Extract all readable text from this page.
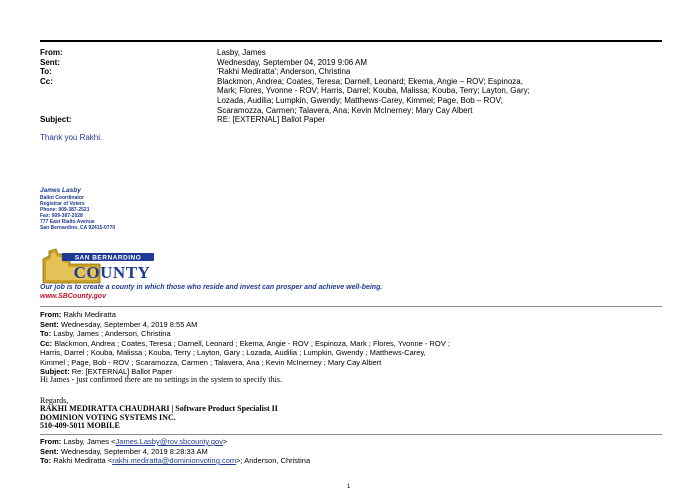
From:	Lasby, James
Sent:	Wednesday, September 04, 2019 9:06 AM
To:	'Rakhi Mediratta'; Anderson, Christina
Cc:	Blackmon, Andrea; Coates, Teresa; Darnell, Leonard; Ekema, Angie – ROV; Espinoza,
Mark; Flores, Yvonne - ROV; Harris, Darrel; Kouba, Malissa; Kouba, Terry; Layton, Gary;
Lozada, Audilia; Lumpkin, Gwendy; Matthews-Carey, Kimmel; Page, Bob – ROV;
Scaramozza, Carmen; Talavera, Ana; Kevin McInerney; Mary Cay Albert
Subject:	RE: [EXTERNAL] Ballot Paper
Thank you Rakhi.
James Lasby
Ballot Coordinator
Registrar of Voters
Phone: 909-387-2521
Fax: 909-387-2028
777 East Rialto Avenue
San Bernardino, CA 92415-0770
SAN BERNARDINO
COUNTY
Our job is to create a county in which those who reside and invest can prosper and achieve well-being.
www.SBCounty.gov
From: Rakhi Mediratta
Sent: Wednesday, September 4, 2019 8:55 AM
To: Lasby, James ; Anderson, Christina
Cc: Blackmon, Andrea ; Coates, Teresa ; Darnell, Leonard ; Ekema, Angie - ROV ; Espinoza, Mark ; Flores, Yvonne - ROV ;
Harris, Darrel ; Kouba, Malissa ; Kouba, Terry ; Layton, Gary ; Lozada, Audilia ; Lumpkin, Gwendy ; Matthews-Carey,
Kimmel ; Page, Bob - ROV ; Scaramozza, Carmen ; Talavera, Ana ; Kevin McInerney ; Mary Cay Albert
Subject: Re: [EXTERNAL] Ballot Paper
Hi James - just confirmed there are no settings in the system to specify this.
Regards,
RAKHI MEDIRATTA CHAUDHARI | Software Product Specialist II
DOMINION VOTING SYSTEMS INC.
510-409-5011 MOBILE
From: Lasby, James <James.Lasby@rov.sbcounty.gov>
Sent: Wednesday, September 4, 2019 8:28:33 AM
To: Rakhi Mediratta <rakhi.mediratta@dominionvoting.com>; Anderson, Christina
1
